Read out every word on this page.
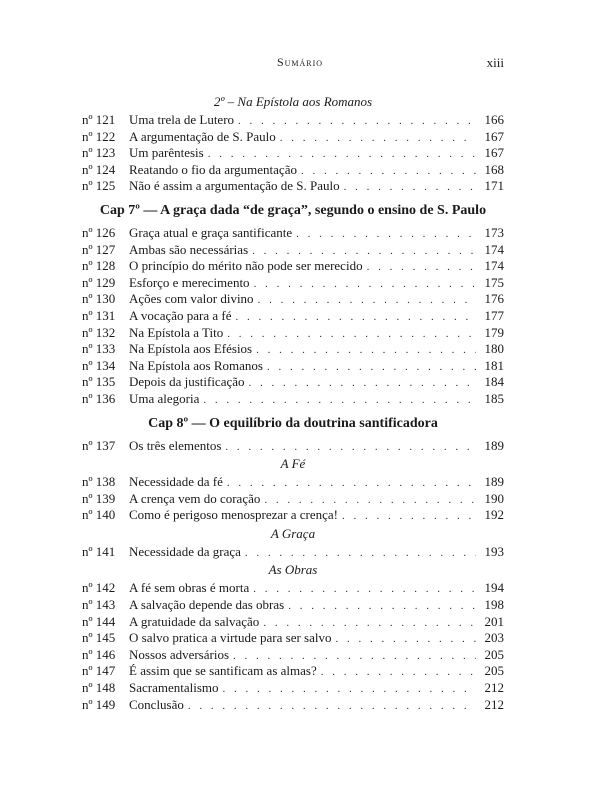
Sumário	xiii
2º – Na Epístola aos Romanos
nº 121	Uma trela de Lutero . . .	166
nº 122	A argumentação de S. Paulo . . .	167
nº 123	Um parêntesis . . .	167
nº 124	Reatando o fio da argumentação . . .	168
nº 125	Não é assim a argumentação de S. Paulo . . .	171
Cap 7º — A graça dada “de graça”, segundo o ensino de S. Paulo
nº 126	Graça atual e graça santificante . . .	173
nº 127	Ambas são necessárias . . .	174
nº 128	O princípio do mérito não pode ser merecido . . .	174
nº 129	Esforço e merecimento . . .	175
nº 130	Ações com valor divino . . .	176
nº 131	A vocação para a fé . . .	177
nº 132	Na Epístola a Tito . . .	179
nº 133	Na Epístola aos Efésios . . .	180
nº 134	Na Epístola aos Romanos . . .	181
nº 135	Depois da justificação . . .	184
nº 136	Uma alegoria . . .	185
Cap 8º — O equilíbrio da doutrina santificadora
nº 137	Os três elementos . . .	189
A Fé
nº 138	Necessidade da fé . . .	189
nº 139	A crença vem do coração . . .	190
nº 140	Como é perigoso menosprezar a crença! . . .	192
A Graça
nº 141	Necessidade da graça . . .	193
As Obras
nº 142	A fé sem obras é morta . . .	194
nº 143	A salvação depende das obras . . .	198
nº 144	A gratuidade da salvação . . .	201
nº 145	O salvo pratica a virtude para ser salvo . . .	203
nº 146	Nossos adversários . . .	205
nº 147	É assim que se santificam as almas? . . .	205
nº 148	Sacramentalismo . . .	212
nº 149	Conclusão . . .	212
